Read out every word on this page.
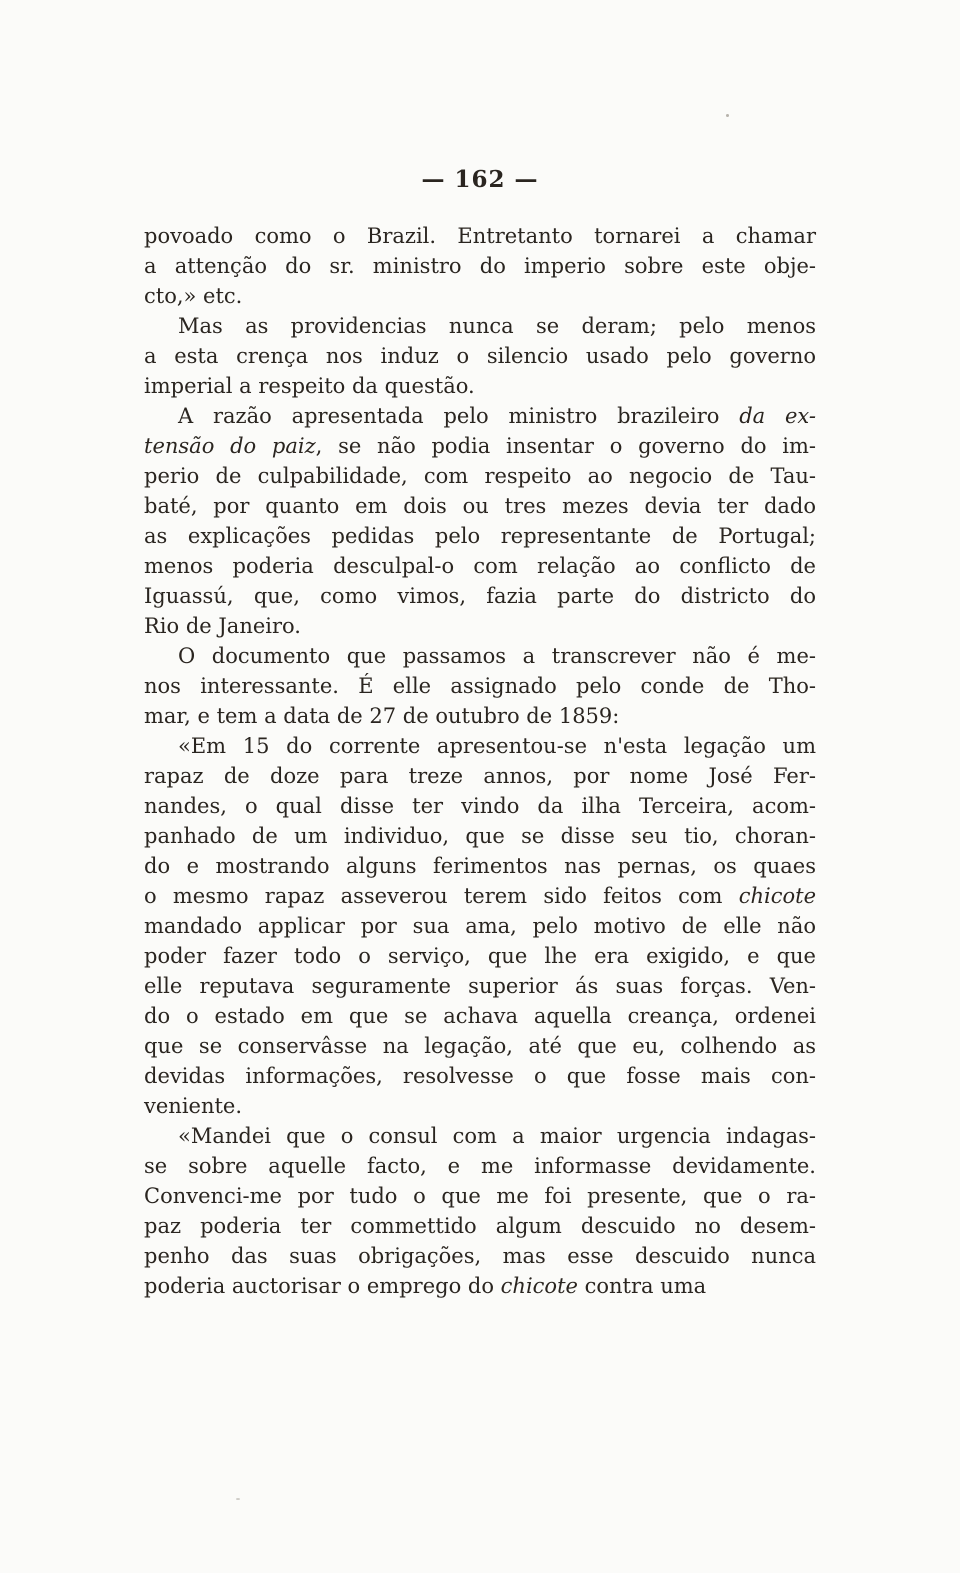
— 162 —
povoado como o Brazil. Entretanto tornarei a chamar
a attenção do sr. ministro do imperio sobre este obje-
cto,» etc.
Mas as providencias nunca se deram; pelo menos
a esta crença nos induz o silencio usado pelo governo
imperial a respeito da questão.
A razão apresentada pelo ministro brazileiro da ex-
tensão do paiz, se não podia insentar o governo do im-
perio de culpabilidade, com respeito ao negocio de Tau-
baté, por quanto em dois ou tres mezes devia ter dado
as explicações pedidas pelo representante de Portugal;
menos poderia desculpal-o com relação ao conflicto de
Iguassú, que, como vimos, fazia parte do districto do
Rio de Janeiro.
O documento que passamos a transcrever não é me-
nos interessante. É elle assignado pelo conde de Tho-
mar, e tem a data de 27 de outubro de 1859:
«Em 15 do corrente apresentou-se n'esta legação um
rapaz de doze para treze annos, por nome José Fer-
nandes, o qual disse ter vindo da ilha Terceira, acom-
panhado de um individuo, que se disse seu tio, choran-
do e mostrando alguns ferimentos nas pernas, os quaes
o mesmo rapaz asseverou terem sido feitos com chicote
mandado applicar por sua ama, pelo motivo de elle não
poder fazer todo o serviço, que lhe era exigido, e que
elle reputava seguramente superior ás suas forças. Ven-
do o estado em que se achava aquella creança, ordenei
que se conservâsse na legação, até que eu, colhendo as
devidas informações, resolvesse o que fosse mais con-
veniente.
«Mandei que o consul com a maior urgencia indagas-
se sobre aquelle facto, e me informasse devidamente.
Convenci-me por tudo o que me foi presente, que o ra-
paz poderia ter commettido algum descuido no desem-
penho das suas obrigações, mas esse descuido nunca
poderia auctorisar o emprego do chicote contra uma
